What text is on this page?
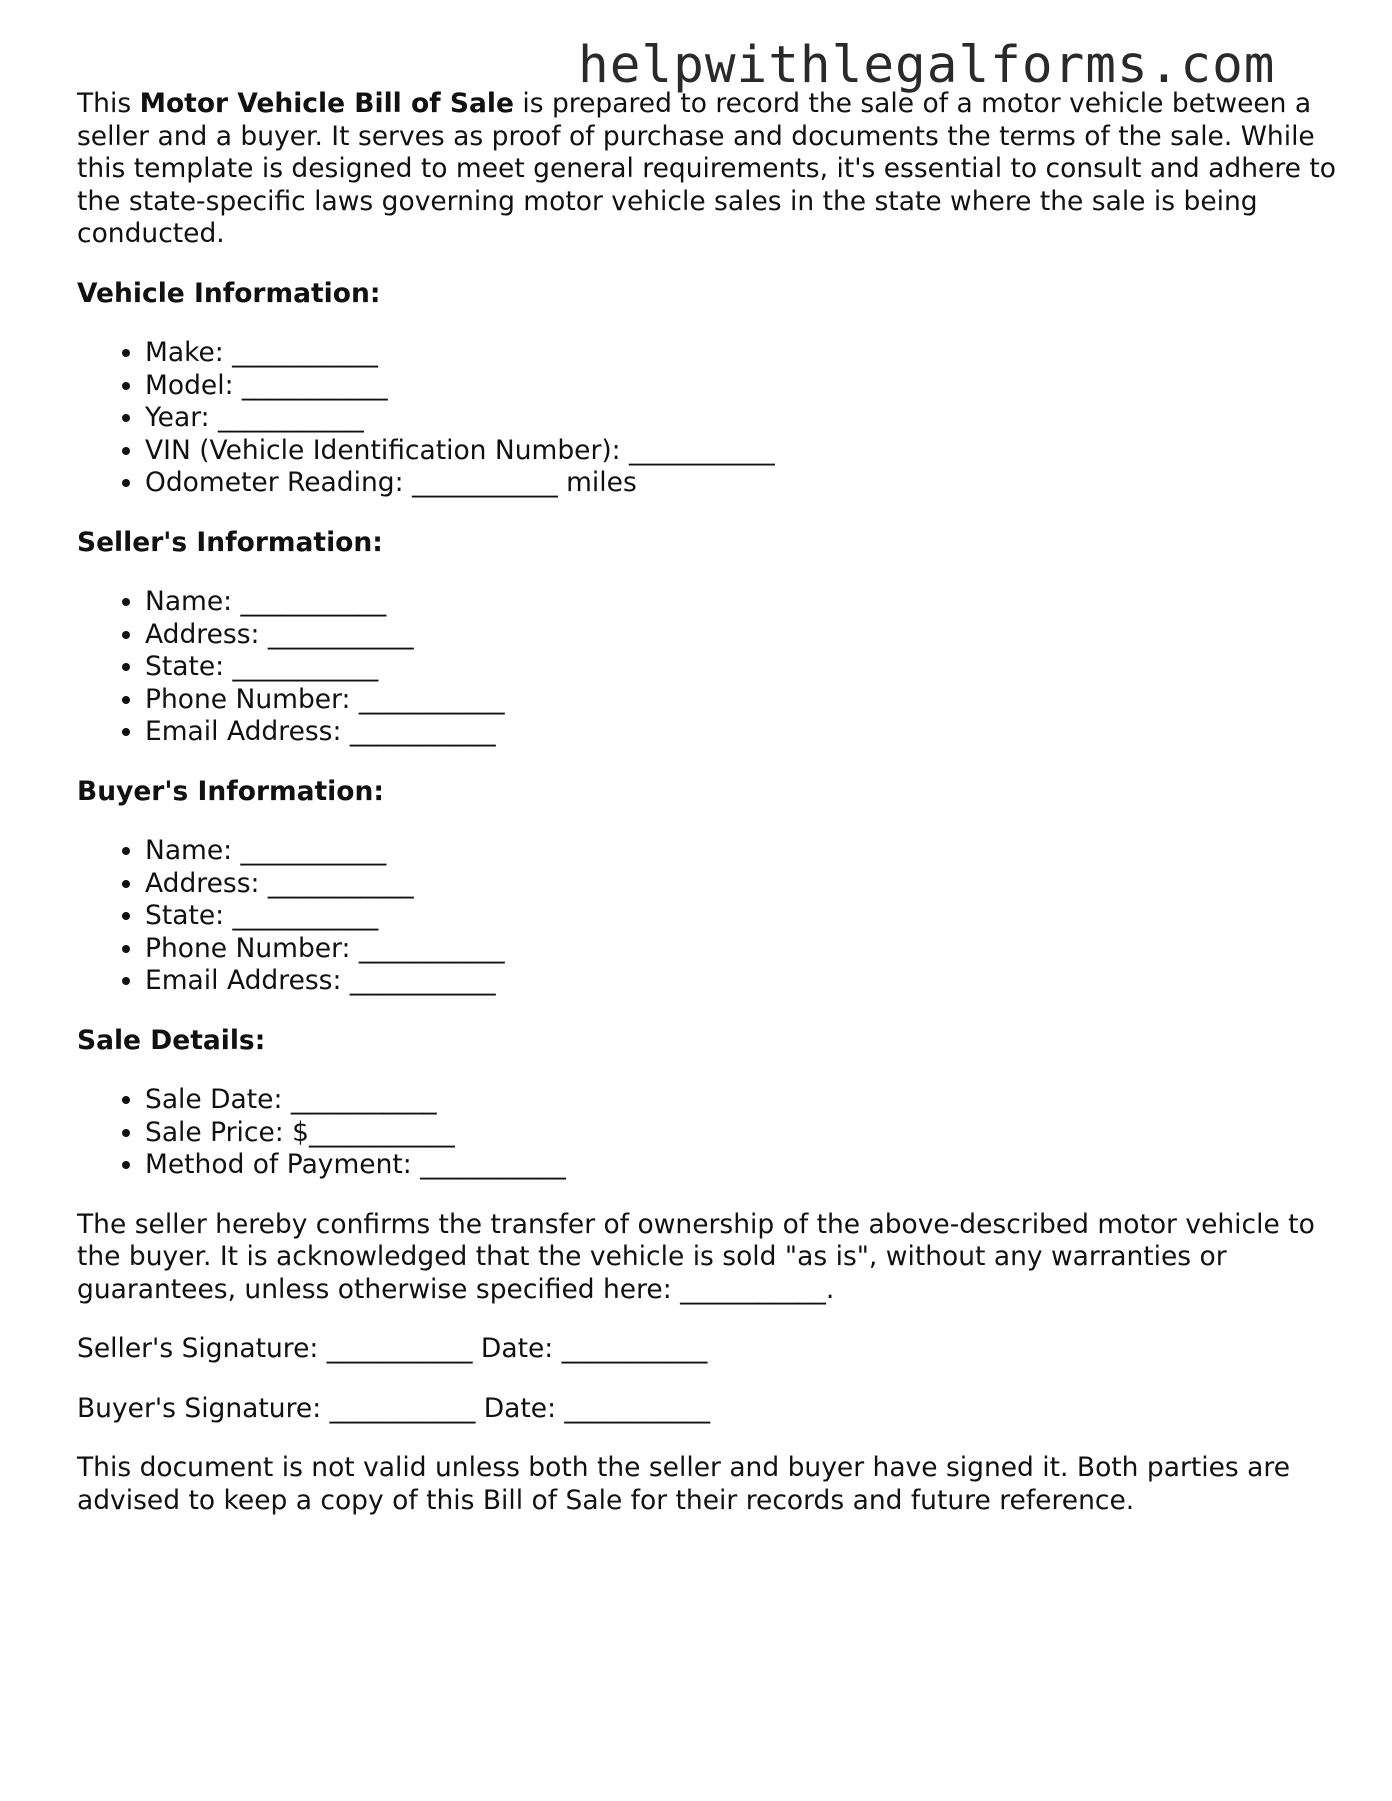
helpwithlegalforms.com

This Motor Vehicle Bill of Sale is prepared to record the sale of a motor vehicle between a seller and a buyer. It serves as proof of purchase and documents the terms of the sale. While this template is designed to meet general requirements, it's essential to consult and adhere to the state-specific laws governing motor vehicle sales in the state where the sale is being conducted.

Vehicle Information:
• Make: ___________
• Model: ___________
• Year: ___________
• VIN (Vehicle Identification Number): ___________
• Odometer Reading: ___________ miles
Seller's Information:
• Name: ___________
• Address: ___________
• State: ___________
• Phone Number: ___________
• Email Address: ___________
Buyer's Information:
• Name: ___________
• Address: ___________
• State: ___________
• Phone Number: ___________
• Email Address: ___________
Sale Details:
• Sale Date: ___________
• Sale Price: $___________
• Method of Payment: ___________

The seller hereby confirms the transfer of ownership of the above-described motor vehicle to the buyer. It is acknowledged that the vehicle is sold "as is", without any warranties or guarantees, unless otherwise specified here: ___________.

Seller's Signature: ___________ Date: ___________

Buyer's Signature: ___________ Date: ___________

This document is not valid unless both the seller and buyer have signed it. Both parties are advised to keep a copy of this Bill of Sale for their records and future reference.
